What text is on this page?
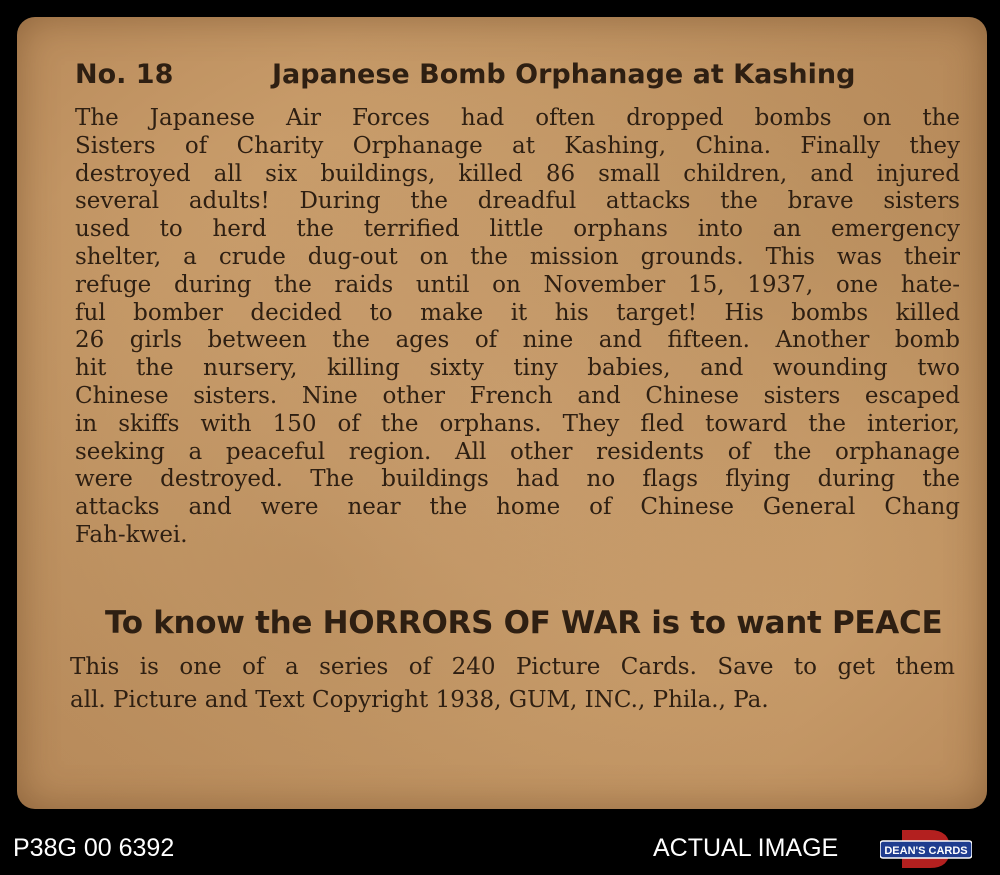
No. 18	Japanese Bomb Orphanage at Kashing
The Japanese Air Forces had often dropped bombs on the
Sisters of Charity Orphanage at Kashing, China. Finally they
destroyed all six buildings, killed 86 small children, and injured
several adults! During the dreadful attacks the brave sisters
used to herd the terrified little orphans into an emergency
shelter, a crude dug-out on the mission grounds. This was their
refuge during the raids until on November 15, 1937, one hate-
ful bomber decided to make it his target! His bombs killed
26 girls between the ages of nine and fifteen. Another bomb
hit the nursery, killing sixty tiny babies, and wounding two
Chinese sisters. Nine other French and Chinese sisters escaped
in skiffs with 150 of the orphans. They fled toward the interior,
seeking a peaceful region. All other residents of the orphanage
were destroyed. The buildings had no flags flying during the
attacks and were near the home of Chinese General Chang
Fah-kwei.
To know the HORRORS OF WAR is to want PEACE
This is one of a series of 240 Picture Cards. Save to get them
all. Picture and Text Copyright 1938, GUM, INC., Phila., Pa.
P38G 00 6392	ACTUAL IMAGE	DEAN'S CARDS
